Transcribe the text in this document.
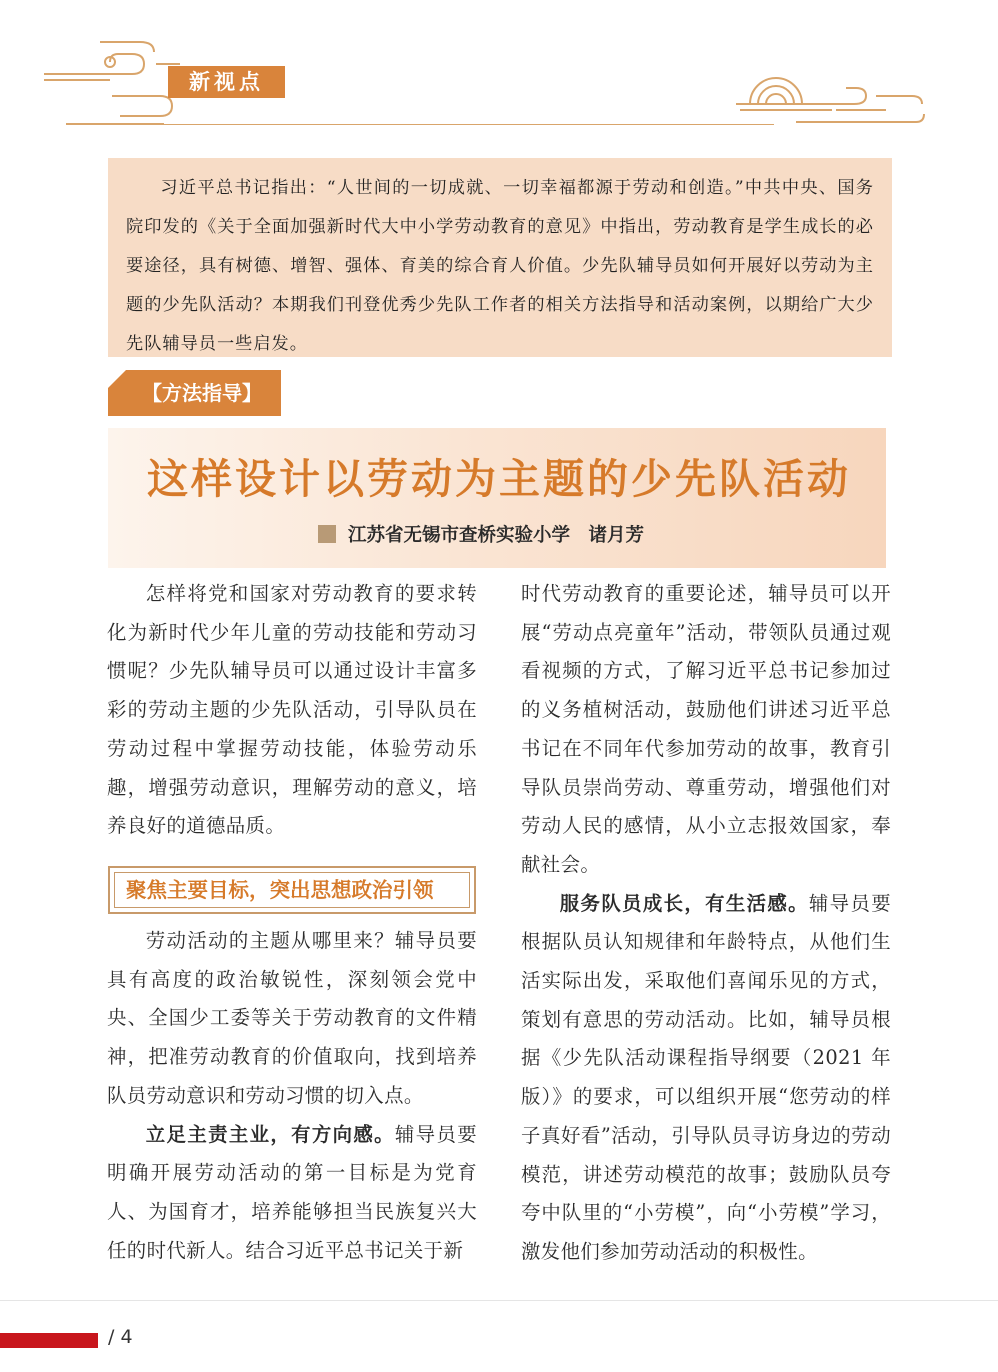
新视点

习近平总书记指出：“人世间的一切成就、一切幸福都源于劳动和创造。”中共中央、国务院印发的《关于全面加强新时代大中小学劳动教育的意见》中指出，劳动教育是学生成长的必要途径，具有树德、增智、强体、育美的综合育人价值。少先队辅导员如何开展好以劳动为主题的少先队活动？本期我们刊登优秀少先队工作者的相关方法指导和活动案例，以期给广大少先队辅导员一些启发。

【方法指导】
这样设计以劳动为主题的少先队活动
江苏省无锡市查桥实验小学　诸月芳

怎样将党和国家对劳动教育的要求转化为新时代少年儿童的劳动技能和劳动习惯呢？少先队辅导员可以通过设计丰富多彩的劳动主题的少先队活动，引导队员在劳动过程中掌握劳动技能，体验劳动乐趣，增强劳动意识，理解劳动的意义，培养良好的道德品质。

聚焦主要目标，突出思想政治引领

劳动活动的主题从哪里来？辅导员要具有高度的政治敏锐性，深刻领会党中央、全国少工委等关于劳动教育的文件精神，把准劳动教育的价值取向，找到培养队员劳动意识和劳动习惯的切入点。

立足主责主业，有方向感。辅导员要明确开展劳动活动的第一目标是为党育人、为国育才，培养能够担当民族复兴大任的时代新人。结合习近平总书记关于新

时代劳动教育的重要论述，辅导员可以开展“劳动点亮童年”活动，带领队员通过观看视频的方式，了解习近平总书记参加过的义务植树活动，鼓励他们讲述习近平总书记在不同年代参加劳动的故事，教育引导队员崇尚劳动、尊重劳动，增强他们对劳动人民的感情，从小立志报效国家，奉献社会。

服务队员成长，有生活感。辅导员要根据队员认知规律和年龄特点，从他们生活实际出发，采取他们喜闻乐见的方式，策划有意思的劳动活动。比如，辅导员根据《少先队活动课程指导纲要（2021 年版）》的要求，可以组织开展“您劳动的样子真好看”活动，引导队员寻访身边的劳动模范，讲述劳动模范的故事；鼓励队员夸夸中队里的“小劳模”，向“小劳模”学习，激发他们参加劳动活动的积极性。

/ 4
